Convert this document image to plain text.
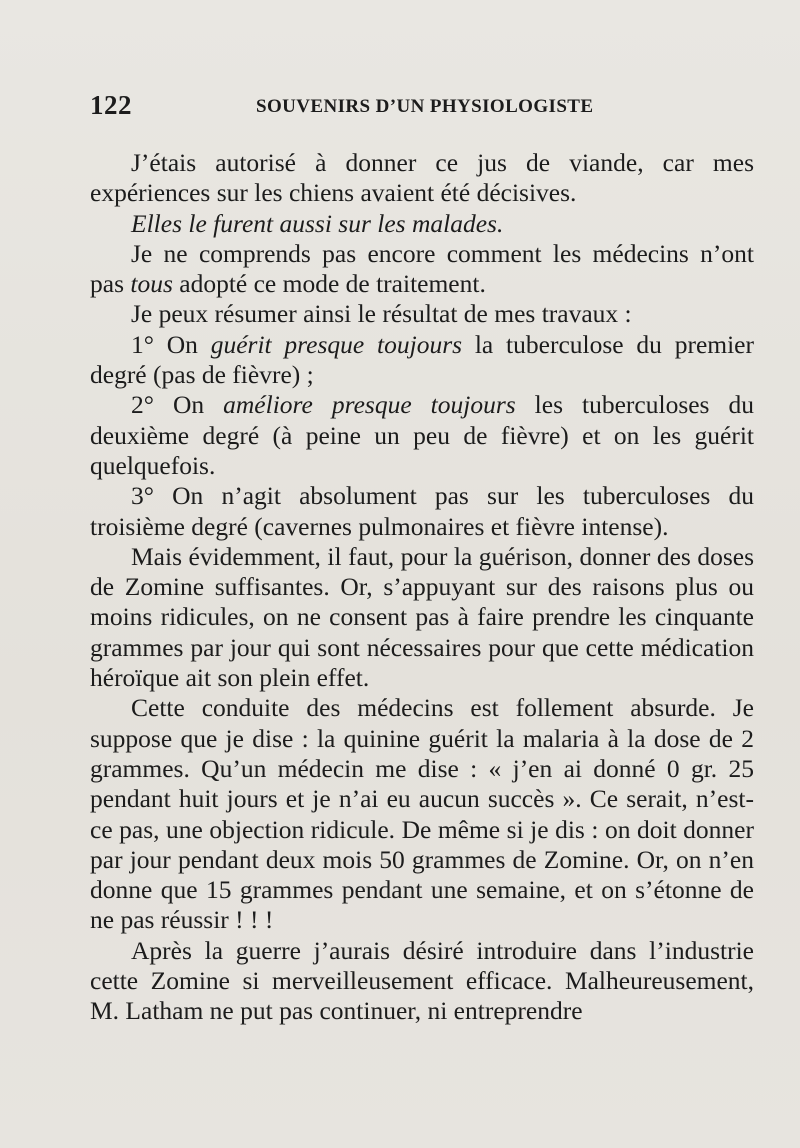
122	SOUVENIRS D’UN PHYSIOLOGISTE

J’étais autorisé à donner ce jus de viande, car mes expériences sur les chiens avaient été décisives.

Elles le furent aussi sur les malades.

Je ne comprends pas encore comment les médecins n’ont pas tous adopté ce mode de traitement.

Je peux résumer ainsi le résultat de mes travaux :

1° On guérit presque toujours la tuberculose du premier degré (pas de fièvre) ;

2° On améliore presque toujours les tuberculoses du deuxième degré (à peine un peu de fièvre) et on les guérit quelquefois.

3° On n’agit absolument pas sur les tuberculoses du troisième degré (cavernes pulmonaires et fièvre intense).

Mais évidemment, il faut, pour la guérison, donner des doses de Zomine suffisantes. Or, s’appuyant sur des raisons plus ou moins ridicules, on ne consent pas à faire prendre les cinquante grammes par jour qui sont nécessaires pour que cette médication héroïque ait son plein effet.

Cette conduite des médecins est follement absurde. Je suppose que je dise : la quinine guérit la malaria à la dose de 2 grammes. Qu’un médecin me dise : « j’en ai donné 0 gr. 25 pendant huit jours et je n’ai eu aucun succès ». Ce serait, n’est-ce pas, une objection ridicule. De même si je dis : on doit donner par jour pendant deux mois 50 grammes de Zomine. Or, on n’en donne que 15 grammes pendant une semaine, et on s’étonne de ne pas réussir ! ! !

Après la guerre j’aurais désiré introduire dans l’industrie cette Zomine si merveilleusement efficace. Malheureusement, M. Latham ne put pas continuer, ni entreprendre
